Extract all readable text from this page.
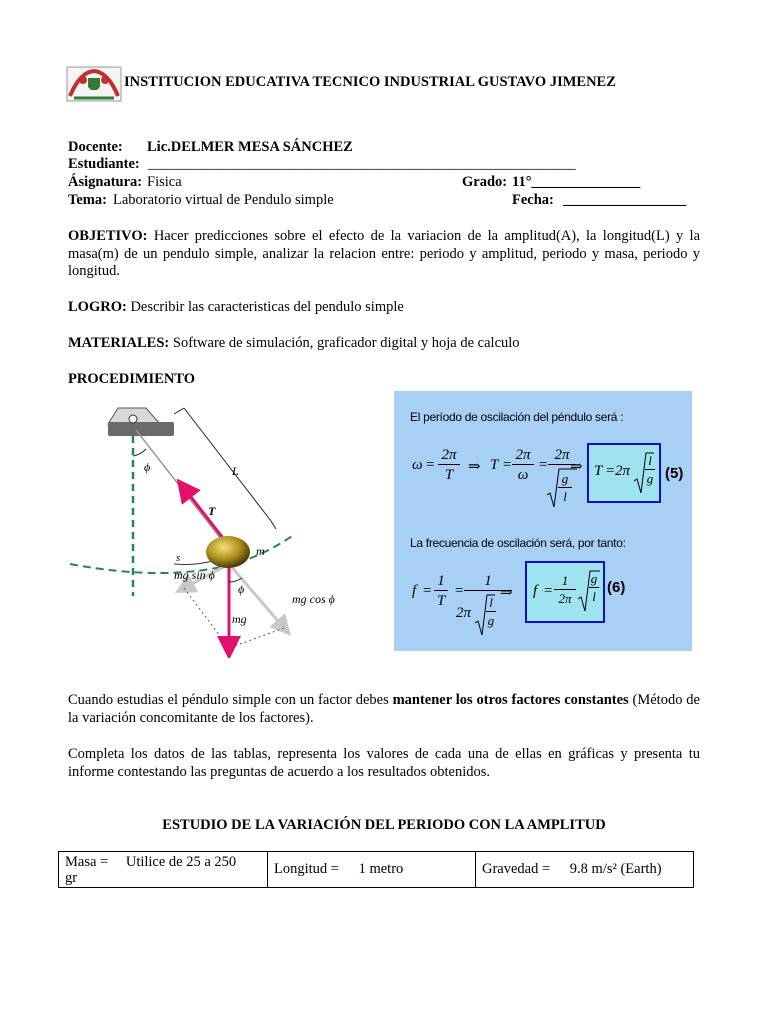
INSTITUCION EDUCATIVA TECNICO INDUSTRIAL GUSTAVO JIMENEZ
Docente: Lic.DELMER MESA SÁNCHEZ
Estudiante: ___________________________________________________________
Ásignatura: Fisica	Grado: 11°_______________
Tema: Laboratorio virtual de Pendulo simple	Fecha: _________________
OBJETIVO: Hacer predicciones sobre el efecto de la variacion de la amplitud(A), la longitud(L) y la masa(m) de un pendulo simple, analizar la relacion entre: periodo y amplitud, periodo y masa, periodo y longitud.
LOGRO: Describir las caracteristicas del pendulo simple
MATERIALES: Software de simulación, graficador digital y hoja de calculo
PROCEDIMIENTO
ϕ
T
L
m
s
mg sin ϕ
ϕ
mg cos ϕ
mg
El período de oscilación del péndulo será :
ω =
2π
T ⇒ T =
2π
ω
=
2π
g
l
⇒ T = 2π
l
g (5)
La frecuencia de oscilación será, por tanto:
f =
1
T
=
1
2π
l
g
⇒ f =
1
2π
g
l
(6)
Cuando estudias el péndulo simple con un factor debes mantener los otros factores constantes (Método de la variación concomitante de los factores).
Completa los datos de las tablas, representa los valores de cada una de ellas en gráficas y presenta tu informe contestando las preguntas de acuerdo a los resultados obtenidos.
ESTUDIO DE LA VARIACIÓN DEL PERIODO CON LA AMPLITUD
Masa = Utilice de 25 a 250
gr	Longitud = 1 metro	Gravedad = 9.8 m/s² (Earth)
